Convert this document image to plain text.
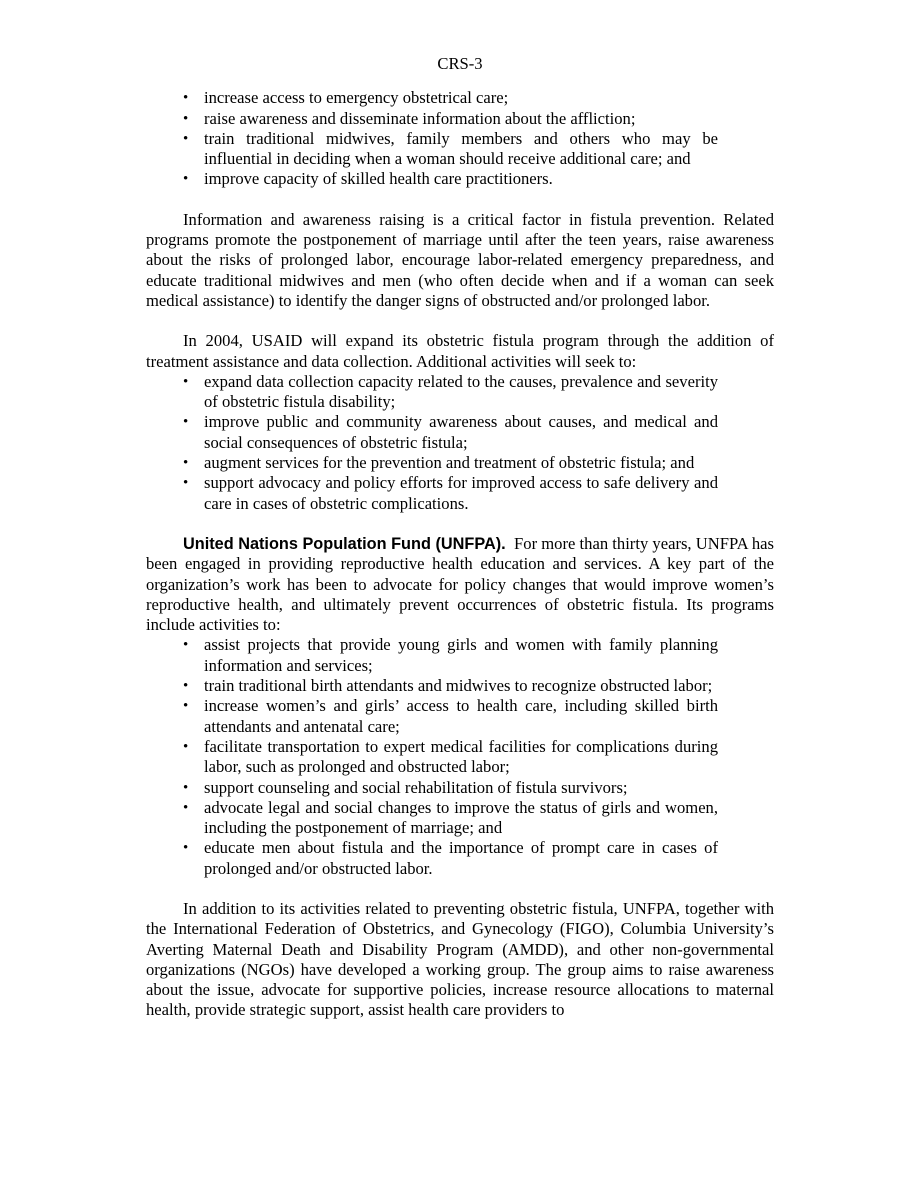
CRS-3
• increase access to emergency obstetrical care;
• raise awareness and disseminate information about the affliction;
• train traditional midwives, family members and others who may be influential in deciding when a woman should receive additional care; and
• improve capacity of skilled health care practitioners.

Information and awareness raising is a critical factor in fistula prevention. Related programs promote the postponement of marriage until after the teen years, raise awareness about the risks of prolonged labor, encourage labor-related emergency preparedness, and educate traditional midwives and men (who often decide when and if a woman can seek medical assistance) to identify the danger signs of obstructed and/or prolonged labor.

In 2004, USAID will expand its obstetric fistula program through the addition of treatment assistance and data collection. Additional activities will seek to:

• expand data collection capacity related to the causes, prevalence and severity of obstetric fistula disability;
• improve public and community awareness about causes, and medical and social consequences of obstetric fistula;
• augment services for the prevention and treatment of obstetric fistula; and
• support advocacy and policy efforts for improved access to safe delivery and care in cases of obstetric complications.

United Nations Population Fund (UNFPA). For more than thirty years, UNFPA has been engaged in providing reproductive health education and services. A key part of the organization’s work has been to advocate for policy changes that would improve women’s reproductive health, and ultimately prevent occurrences of obstetric fistula. Its programs include activities to:

• assist projects that provide young girls and women with family planning information and services;
• train traditional birth attendants and midwives to recognize obstructed labor;
• increase women’s and girls’ access to health care, including skilled birth attendants and antenatal care;
• facilitate transportation to expert medical facilities for complications during labor, such as prolonged and obstructed labor;
• support counseling and social rehabilitation of fistula survivors;
• advocate legal and social changes to improve the status of girls and women, including the postponement of marriage; and
• educate men about fistula and the importance of prompt care in cases of prolonged and/or obstructed labor.

In addition to its activities related to preventing obstetric fistula, UNFPA, together with the International Federation of Obstetrics, and Gynecology (FIGO), Columbia University’s Averting Maternal Death and Disability Program (AMDD), and other non-governmental organizations (NGOs) have developed a working group. The group aims to raise awareness about the issue, advocate for supportive policies, increase resource allocations to maternal health, provide strategic support, assist health care providers to
